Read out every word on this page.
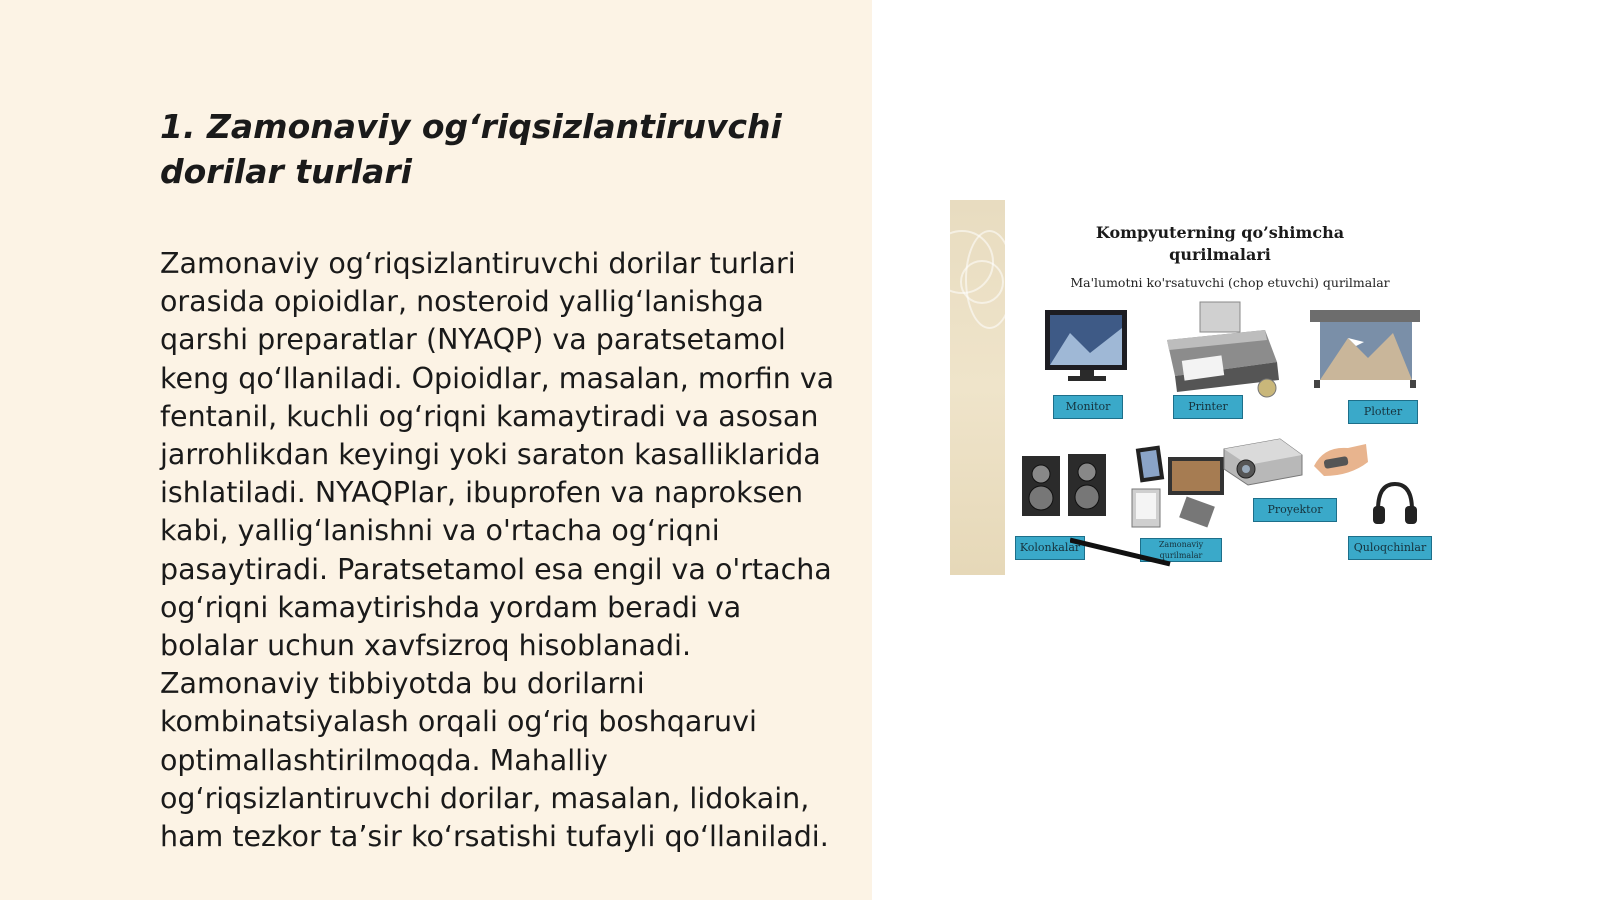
1. Zamonaviy og‘riqsizlantiruvchi dorilar turlari

Zamonaviy og‘riqsizlantiruvchi dorilar turlari orasida opioidlar, nosteroid yallig‘lanishga qarshi preparatlar (NYAQP) va paratsetamol keng qo‘llaniladi. Opioidlar, masalan, morfin va fentanil, kuchli og‘riqni kamaytiradi va asosan jarrohlikdan keyingi yoki saraton kasalliklarida ishlatiladi. NYAQPlar, ibuprofen va naproksen kabi, yallig‘lanishni va o'rtacha og‘riqni pasaytiradi. Paratsetamol esa engil va o'rtacha og‘riqni kamaytirishda yordam beradi va bolalar uchun xavfsizroq hisoblanadi. Zamonaviy tibbiyotda bu dorilarni kombinatsiyalash orqali og‘riq boshqaruvi optimallashtirilmoqda. Mahalliy og‘riqsizlantiruvchi dorilar, masalan, lidokain, ham tezkor ta’sir ko‘rsatishi tufayli qo‘llaniladi.

Kompyuterning qo’shimcha qurilmalari
Ma'lumotni ko'rsatuvchi (chop etuvchi) qurilmalar
Monitor	Printer	Plotter
Kolonkalar	Zamonaviy qurilmalar
Proyektor
Quloqchinlar
